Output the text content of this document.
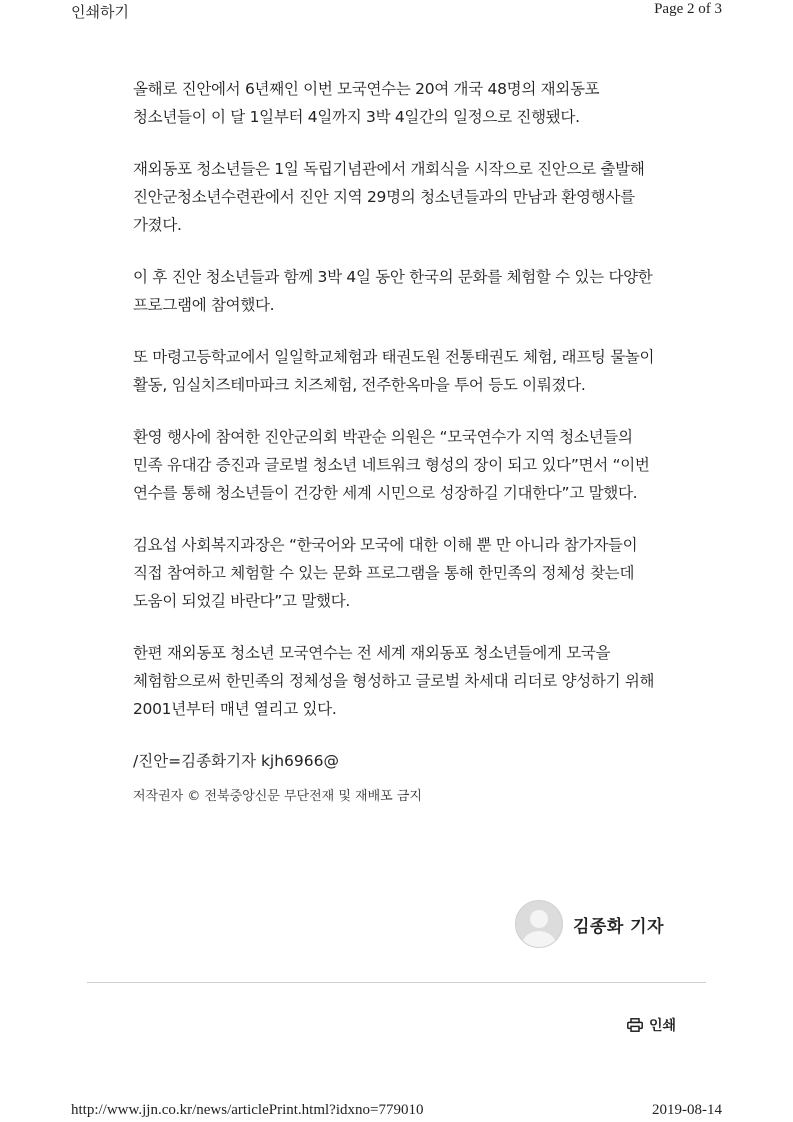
인쇄하기	Page 2 of 3

올해로 진안에서 6년째인 이번 모국연수는 20여 개국 48명의 재외동포 청소년들이 이 달 1일부터 4일까지 3박 4일간의 일정으로 진행됐다.

재외동포 청소년들은 1일 독립기념관에서 개회식을 시작으로 진안으로 출발해 진안군청소년수련관에서 진안 지역 29명의 청소년들과의 만남과 환영행사를 가졌다.

이 후 진안 청소년들과 함께 3박 4일 동안 한국의 문화를 체험할 수 있는 다양한 프로그램에 참여했다.

또 마령고등학교에서 일일학교체험과 태권도원 전통태권도 체험, 래프팅 물놀이 활동, 임실치즈테마파크 치즈체험, 전주한옥마을 투어 등도 이뤄졌다.

환영 행사에 참여한 진안군의회 박관순 의원은 “모국연수가 지역 청소년들의 민족 유대감 증진과 글로벌 청소년 네트워크 형성의 장이 되고 있다”면서 “이번 연수를 통해 청소년들이 건강한 세계 시민으로 성장하길 기대한다”고 말했다.

김요섭 사회복지과장은 “한국어와 모국에 대한 이해 뿐 만 아니라 참가자들이 직접 참여하고 체험할 수 있는 문화 프로그램을 통해 한민족의 정체성 찾는데 도움이 되었길 바란다”고 말했다.

한편 재외동포 청소년 모국연수는 전 세계 재외동포 청소년들에게 모국을 체험함으로써 한민족의 정체성을 형성하고 글로벌 차세대 리더로 양성하기 위해 2001년부터 매년 열리고 있다.

/진안=김종화기자 kjh6966@

저작권자 © 전북중앙신문 무단전재 및 재배포 금지
김종화 기자
인쇄
http://www.jjn.co.kr/news/articlePrint.html?idxno=779010	2019-08-14
